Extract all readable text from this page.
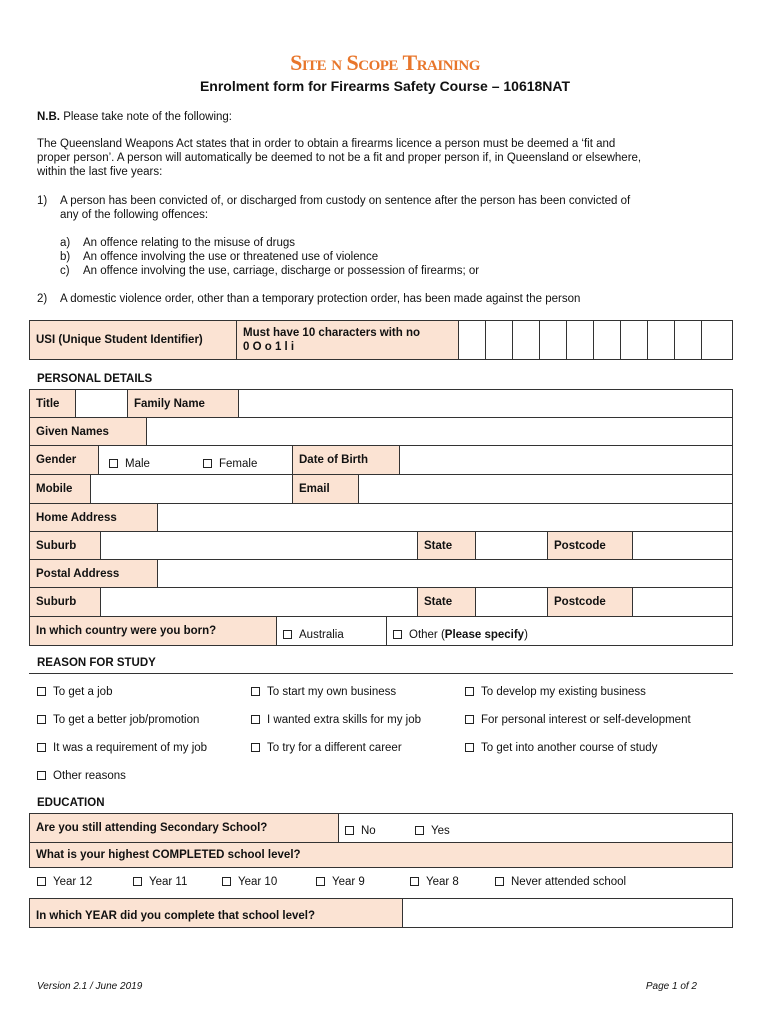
Site n Scope Training
Enrolment form for Firearms Safety Course – 10618NAT
N.B. Please take note of the following:
The Queensland Weapons Act states that in order to obtain a firearms licence a person must be deemed a ‘fit and
proper person’. A person will automatically be deemed to not be a fit and proper person if, in Queensland or elsewhere,
within the last five years:
1) A person has been convicted of, or discharged from custody on sentence after the person has been convicted of
any of the following offences:
a) An offence relating to the misuse of drugs
b) An offence involving the use or threatened use of violence
c) An offence involving the use, carriage, discharge or possession of firearms; or
2) A domestic violence order, other than a temporary protection order, has been made against the person
USI (Unique Student Identifier)
Must have 10 characters with no
0 O o 1 l i
PERSONAL DETAILS
Title	Family Name
Given Names
Gender	Male	Female	Date of Birth
Mobile	Email
Home Address
Suburb	State	Postcode
Postal Address
Suburb	State	Postcode
In which country were you born?	Australia	Other (Please specify)
REASON FOR STUDY
To get a job	To start my own business	To develop my existing business
To get a better job/promotion	I wanted extra skills for my job	For personal interest or self-development
It was a requirement of my job	To try for a different career	To get into another course of study
Other reasons
EDUCATION
Are you still attending Secondary School?	No	Yes
What is your highest COMPLETED school level?
Year 12	Year 11	Year 10	Year 9	Year 8	Never attended school
In which YEAR did you complete that school level?
Version 2.1 / June 2019	Page 1 of 2
